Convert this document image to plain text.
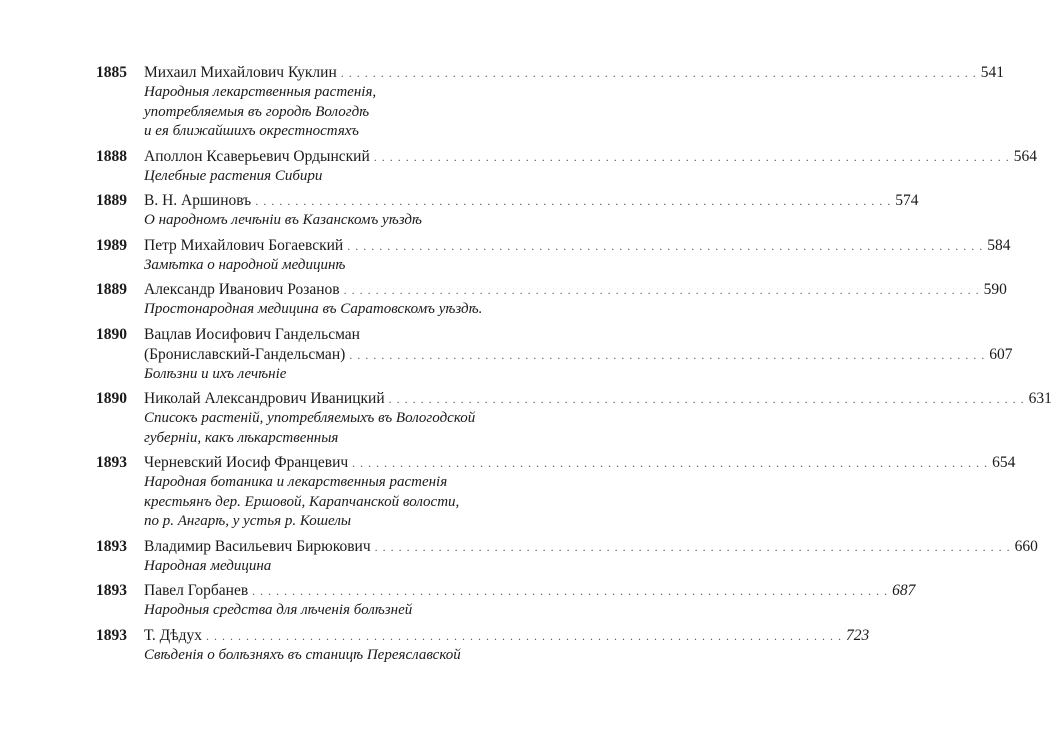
1885	Михаил Михайлович Куклин . . . . . . . . . . . . . . . . . . . . . . . . . . . . . . . . . . . . . . . . . . . . . . . . . . . . . . . . . . . . . . . . . . . . . . . . . . . . . . . . 541
Народныя лекарственныя растенія,
употребляемыя въ городѣ Вологдѣ
и ея ближайшихъ окрестностяхъ
1888	Аполлон Ксаверьевич Ордынский . . . . . . . . . . . . . . . . . . . . . . . . . . . . . . . . . . . . . . . . . . . . . . . . . . . . . . . . . . . . . . . . . . . . . . . . . . . . . . . . 564
Целебные растения Сибири
1889	В. Н. Аршиновъ . . . . . . . . . . . . . . . . . . . . . . . . . . . . . . . . . . . . . . . . . . . . . . . . . . . . . . . . . . . . . . . . . . . . . . . . . . . . . . . . 574
О народномъ лечѣніи въ Казанскомъ уѣздѣ
1989	Петр Михайлович Богаевский . . . . . . . . . . . . . . . . . . . . . . . . . . . . . . . . . . . . . . . . . . . . . . . . . . . . . . . . . . . . . . . . . . . . . . . . . . . . . . . . 584
Замѣтка о народной медицинѣ
1889	Александр Иванович Розанов . . . . . . . . . . . . . . . . . . . . . . . . . . . . . . . . . . . . . . . . . . . . . . . . . . . . . . . . . . . . . . . . . . . . . . . . . . . . . . . . 590
Простонародная медицина въ Саратовскомъ уѣздѣ.
1890	Вацлав Иосифович Гандельсман
(Брониславский-Гандельсман) . . . . . . . . . . . . . . . . . . . . . . . . . . . . . . . . . . . . . . . . . . . . . . . . . . . . . . . . . . . . . . . . . . . . . . . . . . . . . . . . 607
Болѣзни и ихъ лечѣніе
1890	Николай Александрович Иваницкий . . . . . . . . . . . . . . . . . . . . . . . . . . . . . . . . . . . . . . . . . . . . . . . . . . . . . . . . . . . . . . . . . . . . . . . . . . . . . . . . 631
Списокъ растеній, употребляемыхъ въ Вологодской
губерніи, какъ лѣкарственныя
1893	Черневский Иосиф Францевич . . . . . . . . . . . . . . . . . . . . . . . . . . . . . . . . . . . . . . . . . . . . . . . . . . . . . . . . . . . . . . . . . . . . . . . . . . . . . . . . 654
Народная ботаника и лекарственныя растенія
крестьянъ дер. Ершовой, Карапчанской волости,
по р. Ангарѣ, у устья р. Кошелы
1893	Владимир Васильевич Бирюкович . . . . . . . . . . . . . . . . . . . . . . . . . . . . . . . . . . . . . . . . . . . . . . . . . . . . . . . . . . . . . . . . . . . . . . . . . . . . . . . . 660
Народная медицина
1893	Павел Горбанев . . . . . . . . . . . . . . . . . . . . . . . . . . . . . . . . . . . . . . . . . . . . . . . . . . . . . . . . . . . . . . . . . . . . . . . . . . . . . . . . 687
Народныя средства для лѣченія болѣзней
1893	Т. Дѣдух . . . . . . . . . . . . . . . . . . . . . . . . . . . . . . . . . . . . . . . . . . . . . . . . . . . . . . . . . . . . . . . . . . . . . . . . . . . . . . . . 723
Свѣденія о болѣзняхъ въ станицѣ Переяславской
